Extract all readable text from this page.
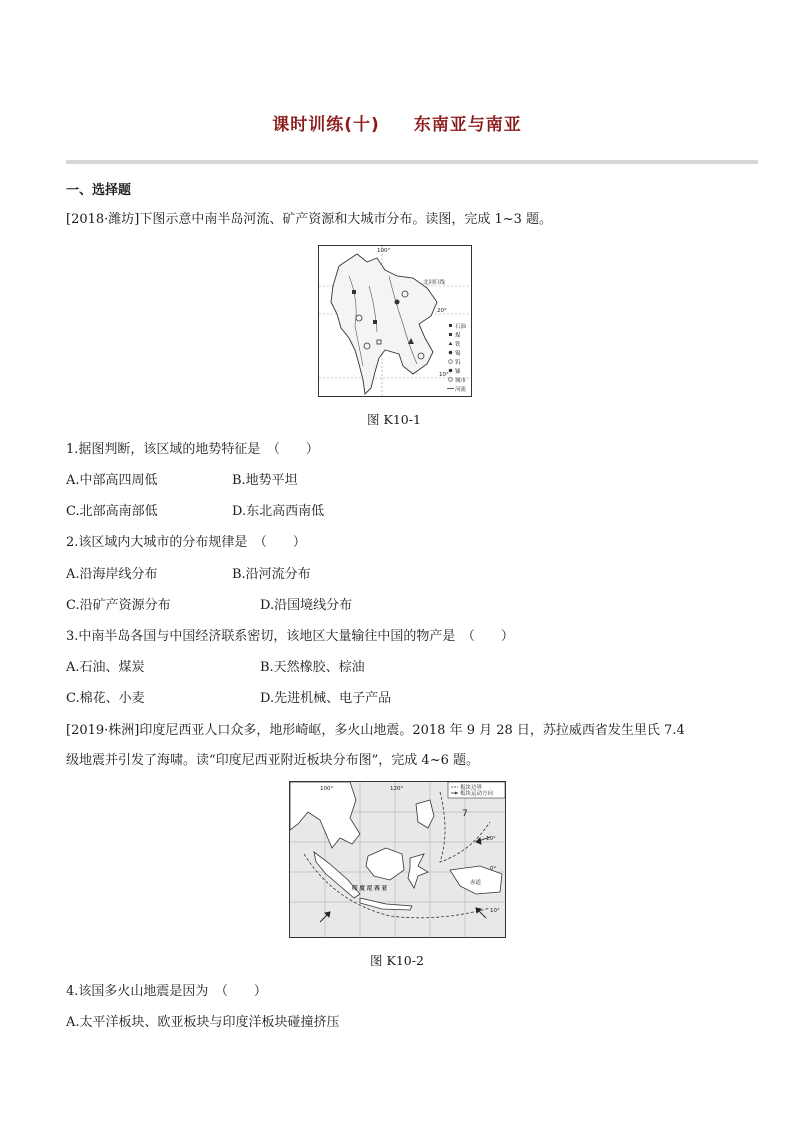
课时训练(十) 东南亚与南亚
一、选择题
[2018·潍坊]下图示意中南半岛河流、矿产资源和大城市分布。读图，完成 1~3 题。
100°
北回归线
20°
10°
石油
煤
铁
锡
钨
锑
城市
河流
图 K10-1
1.据图判断，该区域的地势特征是　（　　）
A.中部高四周低	B.地势平坦
C.北部高南部低	D.东北高西南低
2.该区域内大城市的分布规律是　（　　）
A.沿海岸线分布	B.沿河流分布
C.沿矿产资源分布	D.沿国境线分布
3.中南半岛各国与中国经济联系密切，该地区大量输往中国的物产是　（　　）
A.石油、煤炭	B.天然橡胶、棕油
C.棉花、小麦	D.先进机械、电子产品
[2019·株洲]印度尼西亚人口众多，地形崎岖，多火山地震。2018 年 9 月 28 日，苏拉威西省发生里氏 7.4
级地震并引发了海啸。读“印度尼西亚附近板块分布图”，完成 4~6 题。
板块边界
板块运动方向
100°	120°
10°
0°
10°
赤道
印 度 尼 西 亚
7
图 K10-2
4.该国多火山地震是因为　（　　）
A.太平洋板块、欧亚板块与印度洋板块碰撞挤压
